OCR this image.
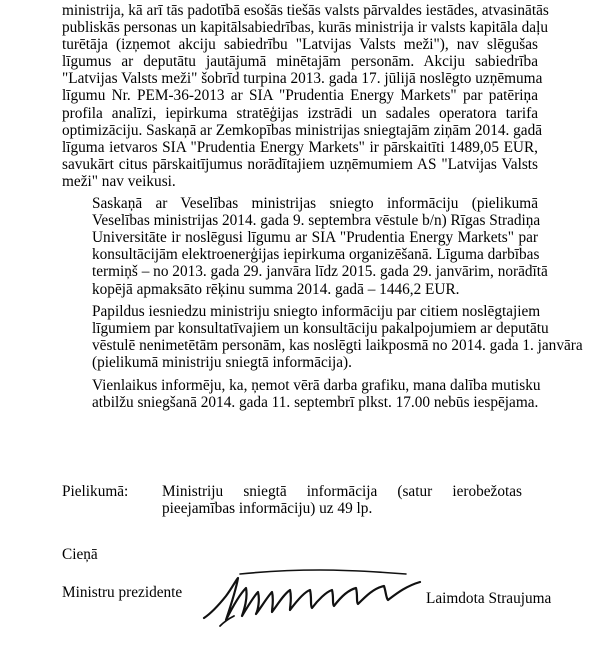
ministrija, kā arī tās padotībā esošās tiešās valsts pārvaldes iestādes, atvasinātās
publiskās personas un kapitālsabiedrības, kurās ministrija ir valsts kapitāla daļu
turētāja (izņemot akciju sabiedrību "Latvijas Valsts meži"), nav slēgušas
līgumus ar deputātu jautājumā minētajām personām. Akciju sabiedrība
"Latvijas Valsts meži" šobrīd turpina 2013. gada 17. jūlijā noslēgto uzņēmuma
līgumu Nr. PEM-36-2013 ar SIA "Prudentia Energy Markets" par patēriņa
profila analīzi, iepirkuma stratēģijas izstrādi un sadales operatora tarifa
optimizāciju. Saskaņā ar Zemkopības ministrijas sniegtajām ziņām 2014. gadā
līguma ietvaros SIA "Prudentia Energy Markets" ir pārskaitīti 1489,05 EUR,
savukārt citus pārskaitījumus norādītajiem uzņēmumiem AS "Latvijas Valsts
meži" nav veikusi.
Saskaņā ar Veselības ministrijas sniegto informāciju (pielikumā
Veselības ministrijas 2014. gada 9. septembra vēstule b/n) Rīgas Stradiņa
Universitāte ir noslēgusi līgumu ar SIA "Prudentia Energy Markets" par
konsultācijām elektroenerģijas iepirkuma organizēšanā. Līguma darbības
termiņš – no 2013. gada 29. janvāra līdz 2015. gada 29. janvārim, norādītā
kopējā apmaksāto rēķinu summa 2014. gadā – 1446,2 EUR.
Papildus iesniedzu ministriju sniegto informāciju par citiem noslēgtajiem
līgumiem par konsultatīvajiem un konsultāciju pakalpojumiem ar deputātu
vēstulē nenimetētām personām, kas noslēgti laikposmā no 2014. gada 1. janvāra
(pielikumā ministriju sniegtā informācija).
Vienlaikus informēju, ka, ņemot vērā darba grafiku, mana dalība mutisku
atbilžu sniegšanā 2014. gada 11. septembrī plkst. 17.00 nebūs iespējama.
Pielikumā: Ministriju sniegtā informācija (satur ierobežotas
pieejamības informāciju) uz 49 lp.
Cieņā
Ministru prezidente	Laimdota Straujuma
